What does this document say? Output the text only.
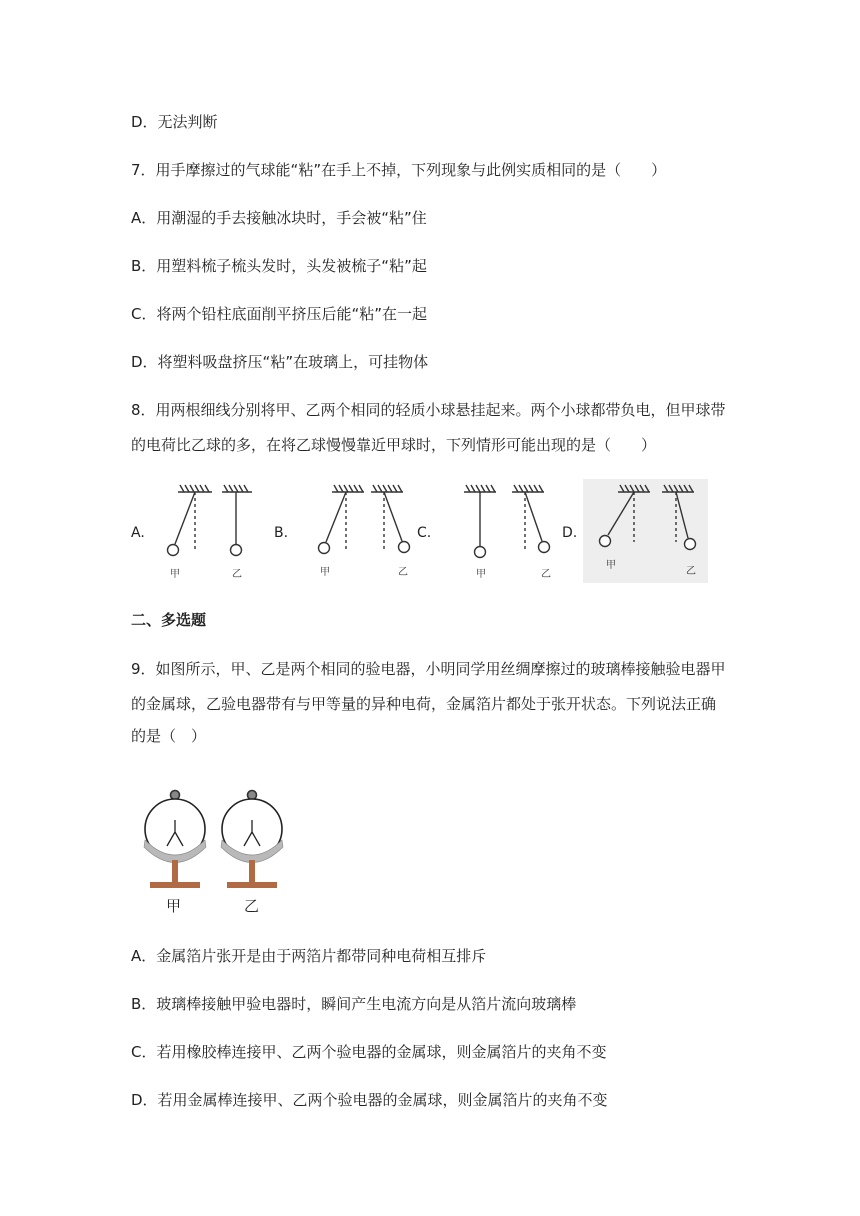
D．无法判断
7．用手摩擦过的气球能“粘”在手上不掉，下列现象与此例实质相同的是（　　）
A．用潮湿的手去接触冰块时，手会被“粘”住
B．用塑料梳子梳头发时，头发被梳子“粘”起
C．将两个铅柱底面削平挤压后能“粘”在一起
D．将塑料吸盘挤压“粘”在玻璃上，可挂物体
8．用两根细线分别将甲、乙两个相同的轻质小球悬挂起来。两个小球都带负电，但甲球带
的电荷比乙球的多，在将乙球慢慢靠近甲球时，下列情形可能出现的是（　　）
A.	B.	C.	D.
甲	乙	甲	乙	甲	乙
甲
乙
二、多选题
9．如图所示，甲、乙是两个相同的验电器，小明同学用丝绸摩擦过的玻璃棒接触验电器甲
的金属球，乙验电器带有与甲等量的异种电荷，金属箔片都处于张开状态。下列说法正确
的是（　）
甲	乙
A．金属箔片张开是由于两箔片都带同种电荷相互排斥
B．玻璃棒接触甲验电器时，瞬间产生电流方向是从箔片流向玻璃棒
C．若用橡胶棒连接甲、乙两个验电器的金属球，则金属箔片的夹角不变
D．若用金属棒连接甲、乙两个验电器的金属球，则金属箔片的夹角不变
